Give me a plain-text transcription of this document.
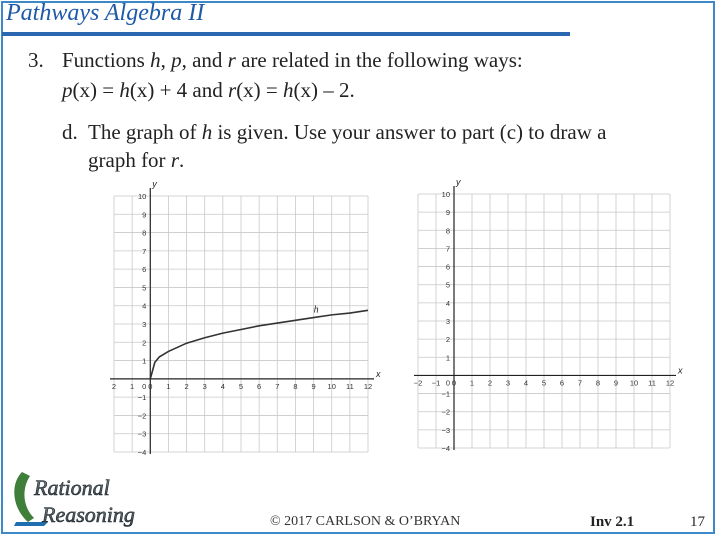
Pathways Algebra II
3. Functions h, p, and r are related in the following ways:
p(x) = h(x) + 4 and r(x) = h(x) – 2.
d. The graph of h is given. Use your answer to part (c) to draw a
graph for r.
x
y
2 1 0 1 2 3 4 5 6 7 8 9 10 11 12
−4
−3
−2
−1
1
2
3
4
5
6
7
8
9
10
0
h
x
y
−2 −1 0 1 2 3 4 5 6 7 8 9 10 11 12
−4
−3
−2
−1
1
2
3
4
5
6
7
8
9
10
0
Rational
Reasoning	© 2017 CARLSON & O’BRYAN	Inv 2.1	17
